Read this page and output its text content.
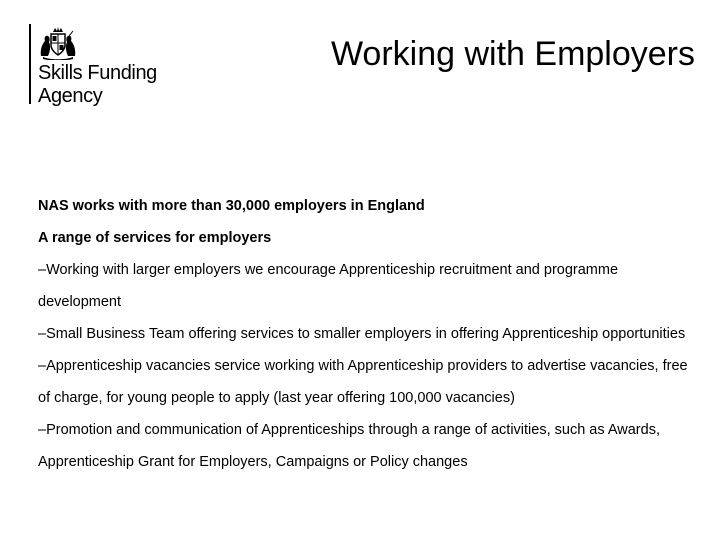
Skills Funding
Agency
Working with Employers

NAS works with more than 30,000 employers in England

A range of services for employers

–Working with larger employers we encourage Apprenticeship recruitment and programme development

–Small Business Team offering services to smaller employers in offering Apprenticeship opportunities

–Apprenticeship vacancies service working with Apprenticeship providers to advertise vacancies, free of charge, for young people to apply (last year offering 100,000 vacancies)

–Promotion and communication of Apprenticeships through a range of activities, such as Awards, Apprenticeship Grant for Employers, Campaigns or Policy changes
